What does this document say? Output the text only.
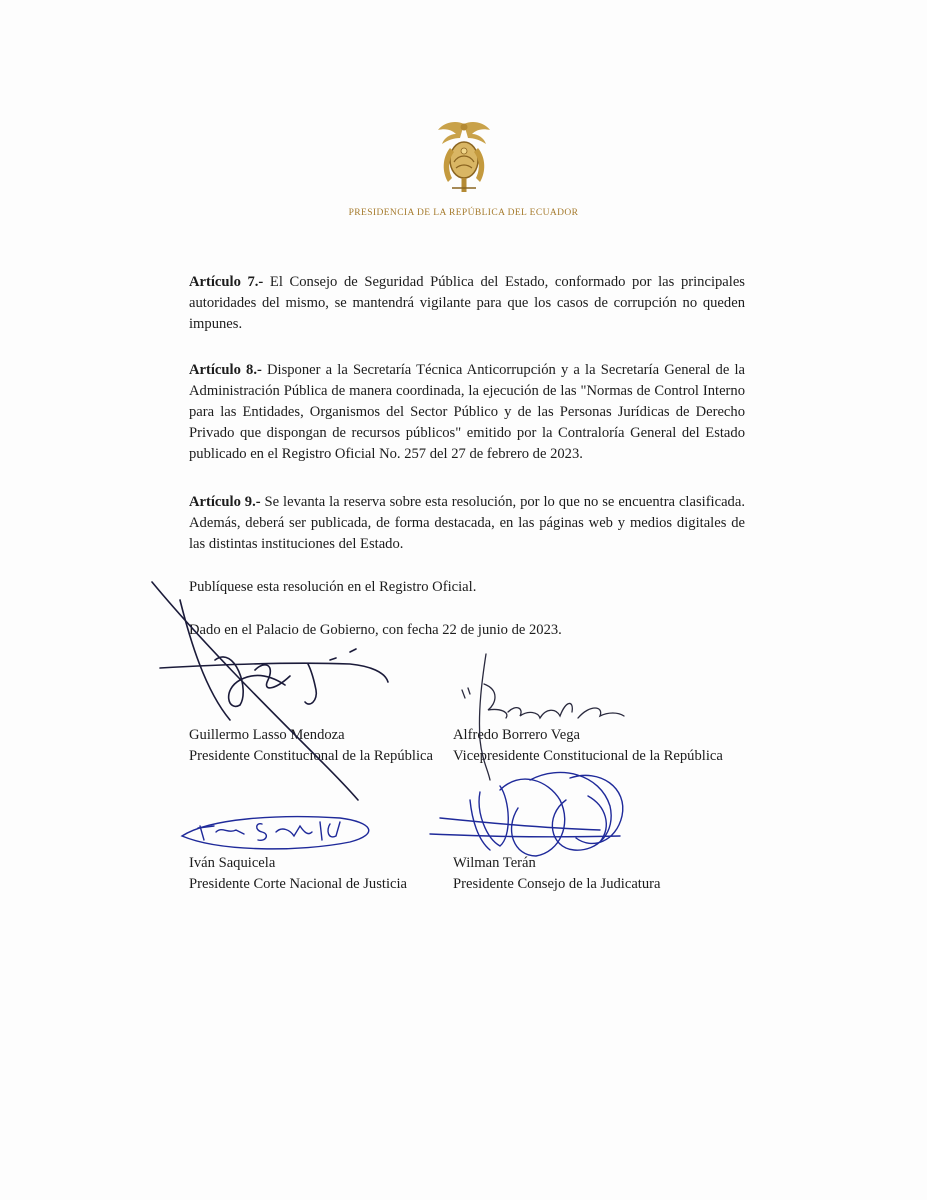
PRESIDENCIA DE LA REPÚBLICA DEL ECUADOR

Artículo 7.- El Consejo de Seguridad Pública del Estado, conformado por las principales autoridades del mismo, se mantendrá vigilante para que los casos de corrupción no queden impunes.

Artículo 8.- Disponer a la Secretaría Técnica Anticorrupción y a la Secretaría General de la Administración Pública de manera coordinada, la ejecución de las "Normas de Control Interno para las Entidades, Organismos del Sector Público y de las Personas Jurídicas de Derecho Privado que dispongan de recursos públicos" emitido por la Contraloría General del Estado publicado en el Registro Oficial No. 257 del 27 de febrero de 2023.

Artículo 9.- Se levanta la reserva sobre esta resolución, por lo que no se encuentra clasificada. Además, deberá ser publicada, de forma destacada, en las páginas web y medios digitales de las distintas instituciones del Estado.

Publíquese esta resolución en el Registro Oficial.

Dado en el Palacio de Gobierno, con fecha 22 de junio de 2023.

Guillermo Lasso Mendoza
Presidente Constitucional de la República
Alfredo Borrero Vega
Vicepresidente Constitucional de la República
Iván Saquicela
Presidente Corte Nacional de Justicia
Wilman Terán
Presidente Consejo de la Judicatura
